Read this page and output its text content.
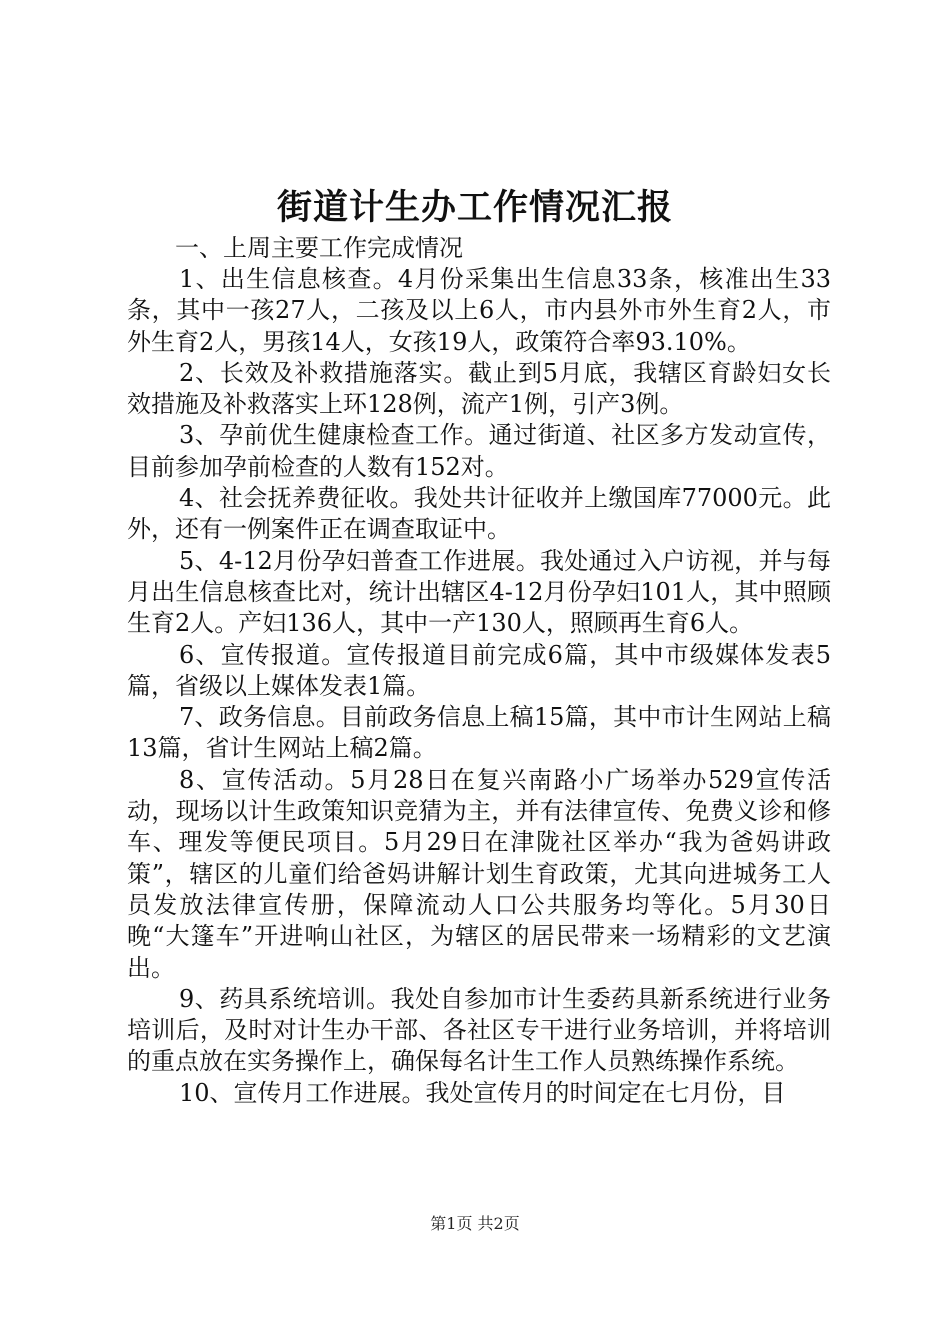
街道计生办工作情况汇报

一、上周主要工作完成情况

1、出生信息核查。4月份采集出生信息33条，核准出生33条，其中一孩27人，二孩及以上6人，市内县外市外生育2人，市外生育2人，男孩14人，女孩19人，政策符合率93.10%。

2、长效及补救措施落实。截止到5月底，我辖区育龄妇女长效措施及补救落实上环128例，流产1例，引产3例。

3、孕前优生健康检查工作。通过街道、社区多方发动宣传，目前参加孕前检查的人数有152对。

4、社会抚养费征收。我处共计征收并上缴国库77000元。此外，还有一例案件正在调查取证中。

5、4-12月份孕妇普查工作进展。我处通过入户访视，并与每月出生信息核查比对，统计出辖区4-12月份孕妇101人，其中照顾生育2人。产妇136人，其中一产130人，照顾再生育6人。

6、宣传报道。宣传报道目前完成6篇，其中市级媒体发表5篇，省级以上媒体发表1篇。

7、政务信息。目前政务信息上稿15篇，其中市计生网站上稿13篇，省计生网站上稿2篇。

8、宣传活动。5月28日在复兴南路小广场举办529宣传活动，现场以计生政策知识竞猜为主，并有法律宣传、免费义诊和修车、理发等便民项目。5月29日在津陇社区举办“我为爸妈讲政策”，辖区的儿童们给爸妈讲解计划生育政策，尤其向进城务工人员发放法律宣传册，保障流动人口公共服务均等化。5月30日晚“大篷车”开进响山社区，为辖区的居民带来一场精彩的文艺演出。

9、药具系统培训。我处自参加市计生委药具新系统进行业务培训后，及时对计生办干部、各社区专干进行业务培训，并将培训的重点放在实务操作上，确保每名计生工作人员熟练操作系统。

10、宣传月工作进展。我处宣传月的时间定在七月份，目

第1页 共2页
